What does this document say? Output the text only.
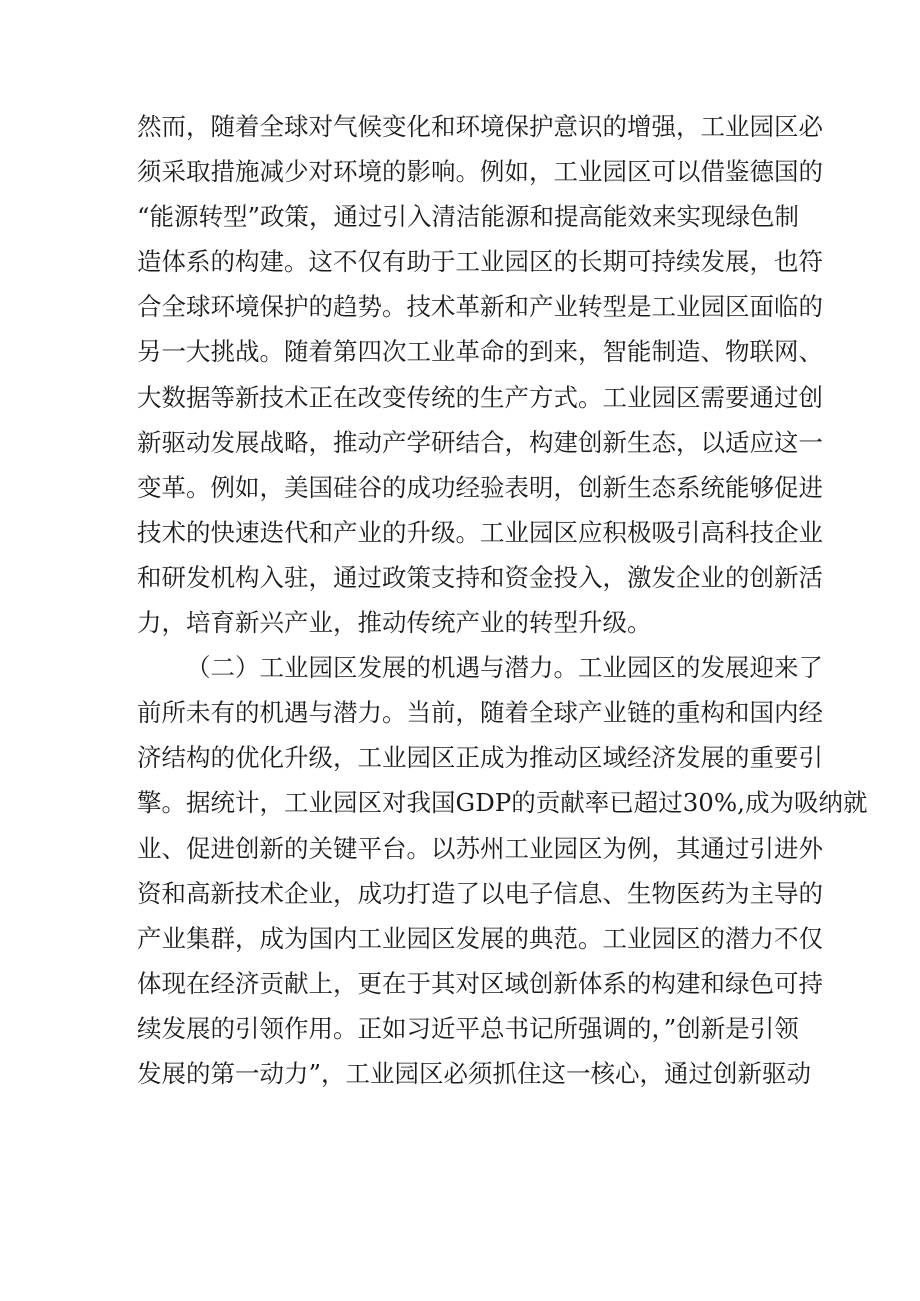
然而，随着全球对气候变化和环境保护意识的增强，工业园区必
须采取措施减少对环境的影响。例如，工业园区可以借鉴德国的
“能源转型”政策，通过引入清洁能源和提高能效来实现绿色制
造体系的构建。这不仅有助于工业园区的长期可持续发展，也符
合全球环境保护的趋势。技术革新和产业转型是工业园区面临的
另一大挑战。随着第四次工业革命的到来，智能制造、物联网、
大数据等新技术正在改变传统的生产方式。工业园区需要通过创
新驱动发展战略，推动产学研结合，构建创新生态，以适应这一
变革。例如，美国硅谷的成功经验表明，创新生态系统能够促进
技术的快速迭代和产业的升级。工业园区应积极吸引高科技企业
和研发机构入驻，通过政策支持和资金投入，激发企业的创新活
力，培育新兴产业，推动传统产业的转型升级。
（二）工业园区发展的机遇与潜力。工业园区的发展迎来了
前所未有的机遇与潜力。当前，随着全球产业链的重构和国内经
济结构的优化升级，工业园区正成为推动区域经济发展的重要引
擎。据统计，工业园区对我国GDP的贡献率已超过30%,成为吸纳就
业、促进创新的关键平台。以苏州工业园区为例，其通过引进外
资和高新技术企业，成功打造了以电子信息、生物医药为主导的
产业集群，成为国内工业园区发展的典范。工业园区的潜力不仅
体现在经济贡献上，更在于其对区域创新体系的构建和绿色可持
续发展的引领作用。正如习近平总书记所强调的，”创新是引领
发展的第一动力”，工业园区必须抓住这一核心，通过创新驱动
